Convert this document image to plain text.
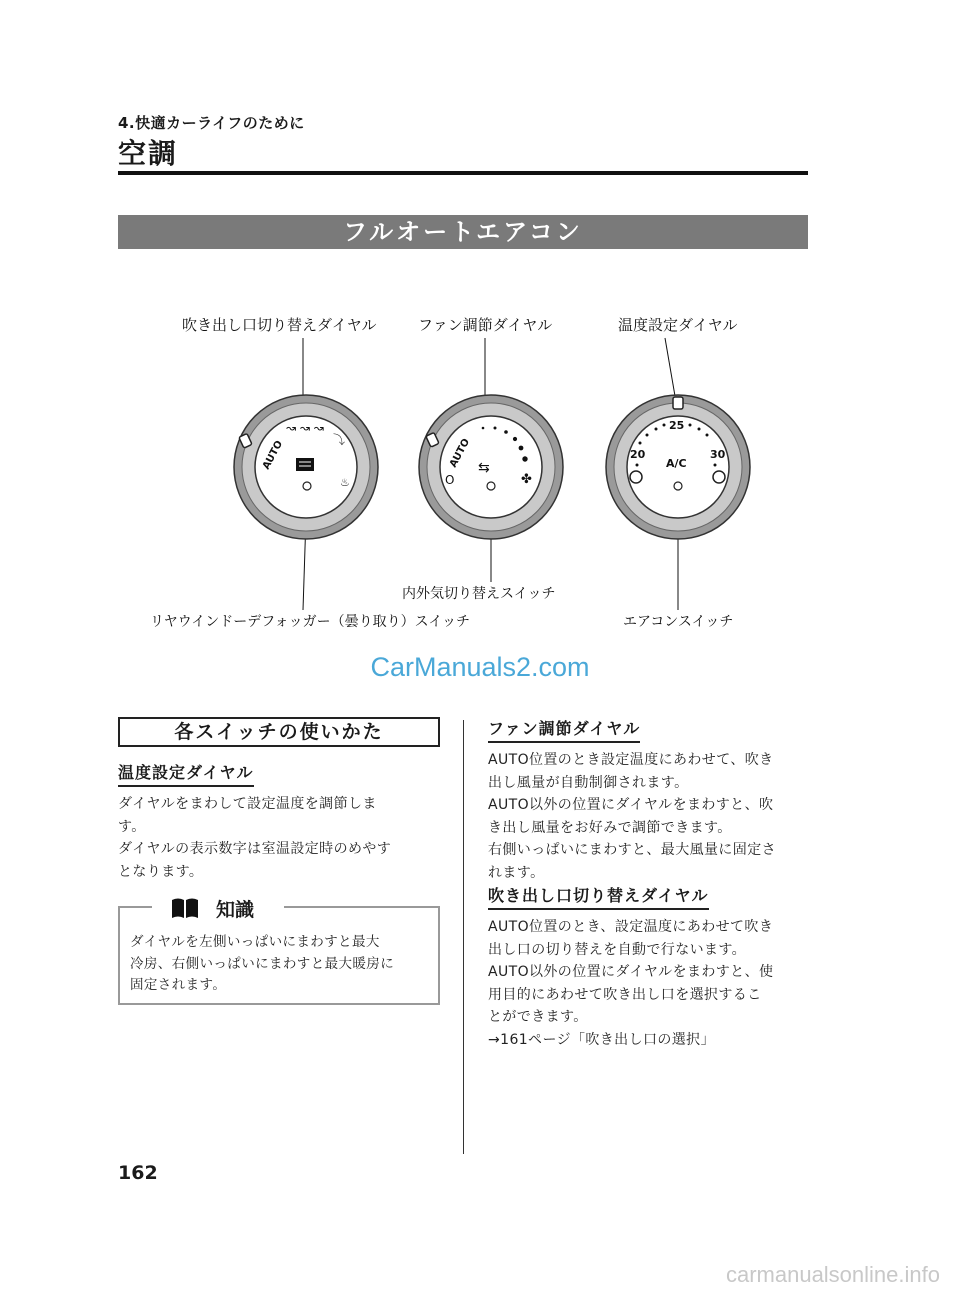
4.快適カーライフのために
空調
フルオートエアコン
吹き出し口切り替えダイヤル	ファン調節ダイヤル	温度設定ダイヤル
内外気切り替えスイッチ
リヤウインドーデフォッガー（曇り取り）スイッチ	エアコンスイッチ
AUTO
↝ ↝ ↝
⤵
♨
AUTO
O	✤
⇆
25
20	30
A/C
CarManuals2.com
各スイッチの使いかた
温度設定ダイヤル
ダイヤルをまわして設定温度を調節しま
す。
ダイヤルの表示数字は室温設定時のめやす
となります。
ダイヤルを左側いっぱいにまわすと最大
冷房、右側いっぱいにまわすと最大暖房に
固定されます。
知識
ファン調節ダイヤル
AUTO位置のとき設定温度にあわせて、吹き
出し風量が自動制御されます。
AUTO以外の位置にダイヤルをまわすと、吹
き出し風量をお好みで調節できます。
右側いっぱいにまわすと、最大風量に固定さ
れます。
吹き出し口切り替えダイヤル
AUTO位置のとき、設定温度にあわせて吹き
出し口の切り替えを自動で行ないます。
AUTO以外の位置にダイヤルをまわすと、使
用目的にあわせて吹き出し口を選択するこ
とができます。
→161ページ「吹き出し口の選択」
162
carmanualsonline.info
